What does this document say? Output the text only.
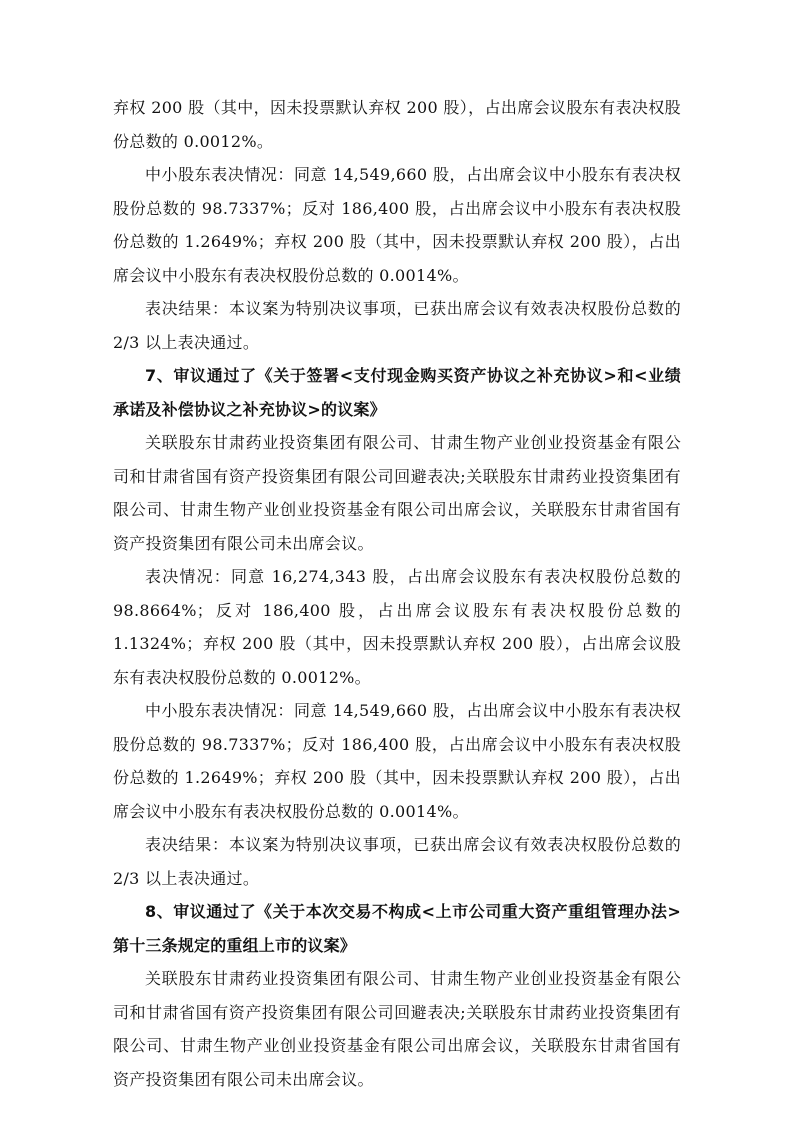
弃权 200 股（其中，因未投票默认弃权 200 股），占出席会议股东有表决权股份总数的 0.0012%。

中小股东表决情况：同意 14,549,660 股，占出席会议中小股东有表决权股份总数的 98.7337%；反对 186,400 股，占出席会议中小股东有表决权股份总数的 1.2649%；弃权 200 股（其中，因未投票默认弃权 200 股），占出席会议中小股东有表决权股份总数的 0.0014%。

表决结果：本议案为特别决议事项，已获出席会议有效表决权股份总数的 2/3 以上表决通过。

7、审议通过了《关于签署<支付现金购买资产协议之补充协议>和<业绩承诺及补偿协议之补充协议>的议案》

关联股东甘肃药业投资集团有限公司、甘肃生物产业创业投资基金有限公司和甘肃省国有资产投资集团有限公司回避表决;关联股东甘肃药业投资集团有限公司、甘肃生物产业创业投资基金有限公司出席会议，关联股东甘肃省国有资产投资集团有限公司未出席会议。

表决情况：同意 16,274,343 股，占出席会议股东有表决权股份总数的 98.8664%；反对 186,400 股，占出席会议股东有表决权股份总数的 1.1324%；弃权 200 股（其中，因未投票默认弃权 200 股），占出席会议股东有表决权股份总数的 0.0012%。

中小股东表决情况：同意 14,549,660 股，占出席会议中小股东有表决权股份总数的 98.7337%；反对 186,400 股，占出席会议中小股东有表决权股份总数的 1.2649%；弃权 200 股（其中，因未投票默认弃权 200 股），占出席会议中小股东有表决权股份总数的 0.0014%。

表决结果：本议案为特别决议事项，已获出席会议有效表决权股份总数的 2/3 以上表决通过。

8、审议通过了《关于本次交易不构成<上市公司重大资产重组管理办法>第十三条规定的重组上市的议案》

关联股东甘肃药业投资集团有限公司、甘肃生物产业创业投资基金有限公司和甘肃省国有资产投资集团有限公司回避表决;关联股东甘肃药业投资集团有限公司、甘肃生物产业创业投资基金有限公司出席会议，关联股东甘肃省国有资产投资集团有限公司未出席会议。
